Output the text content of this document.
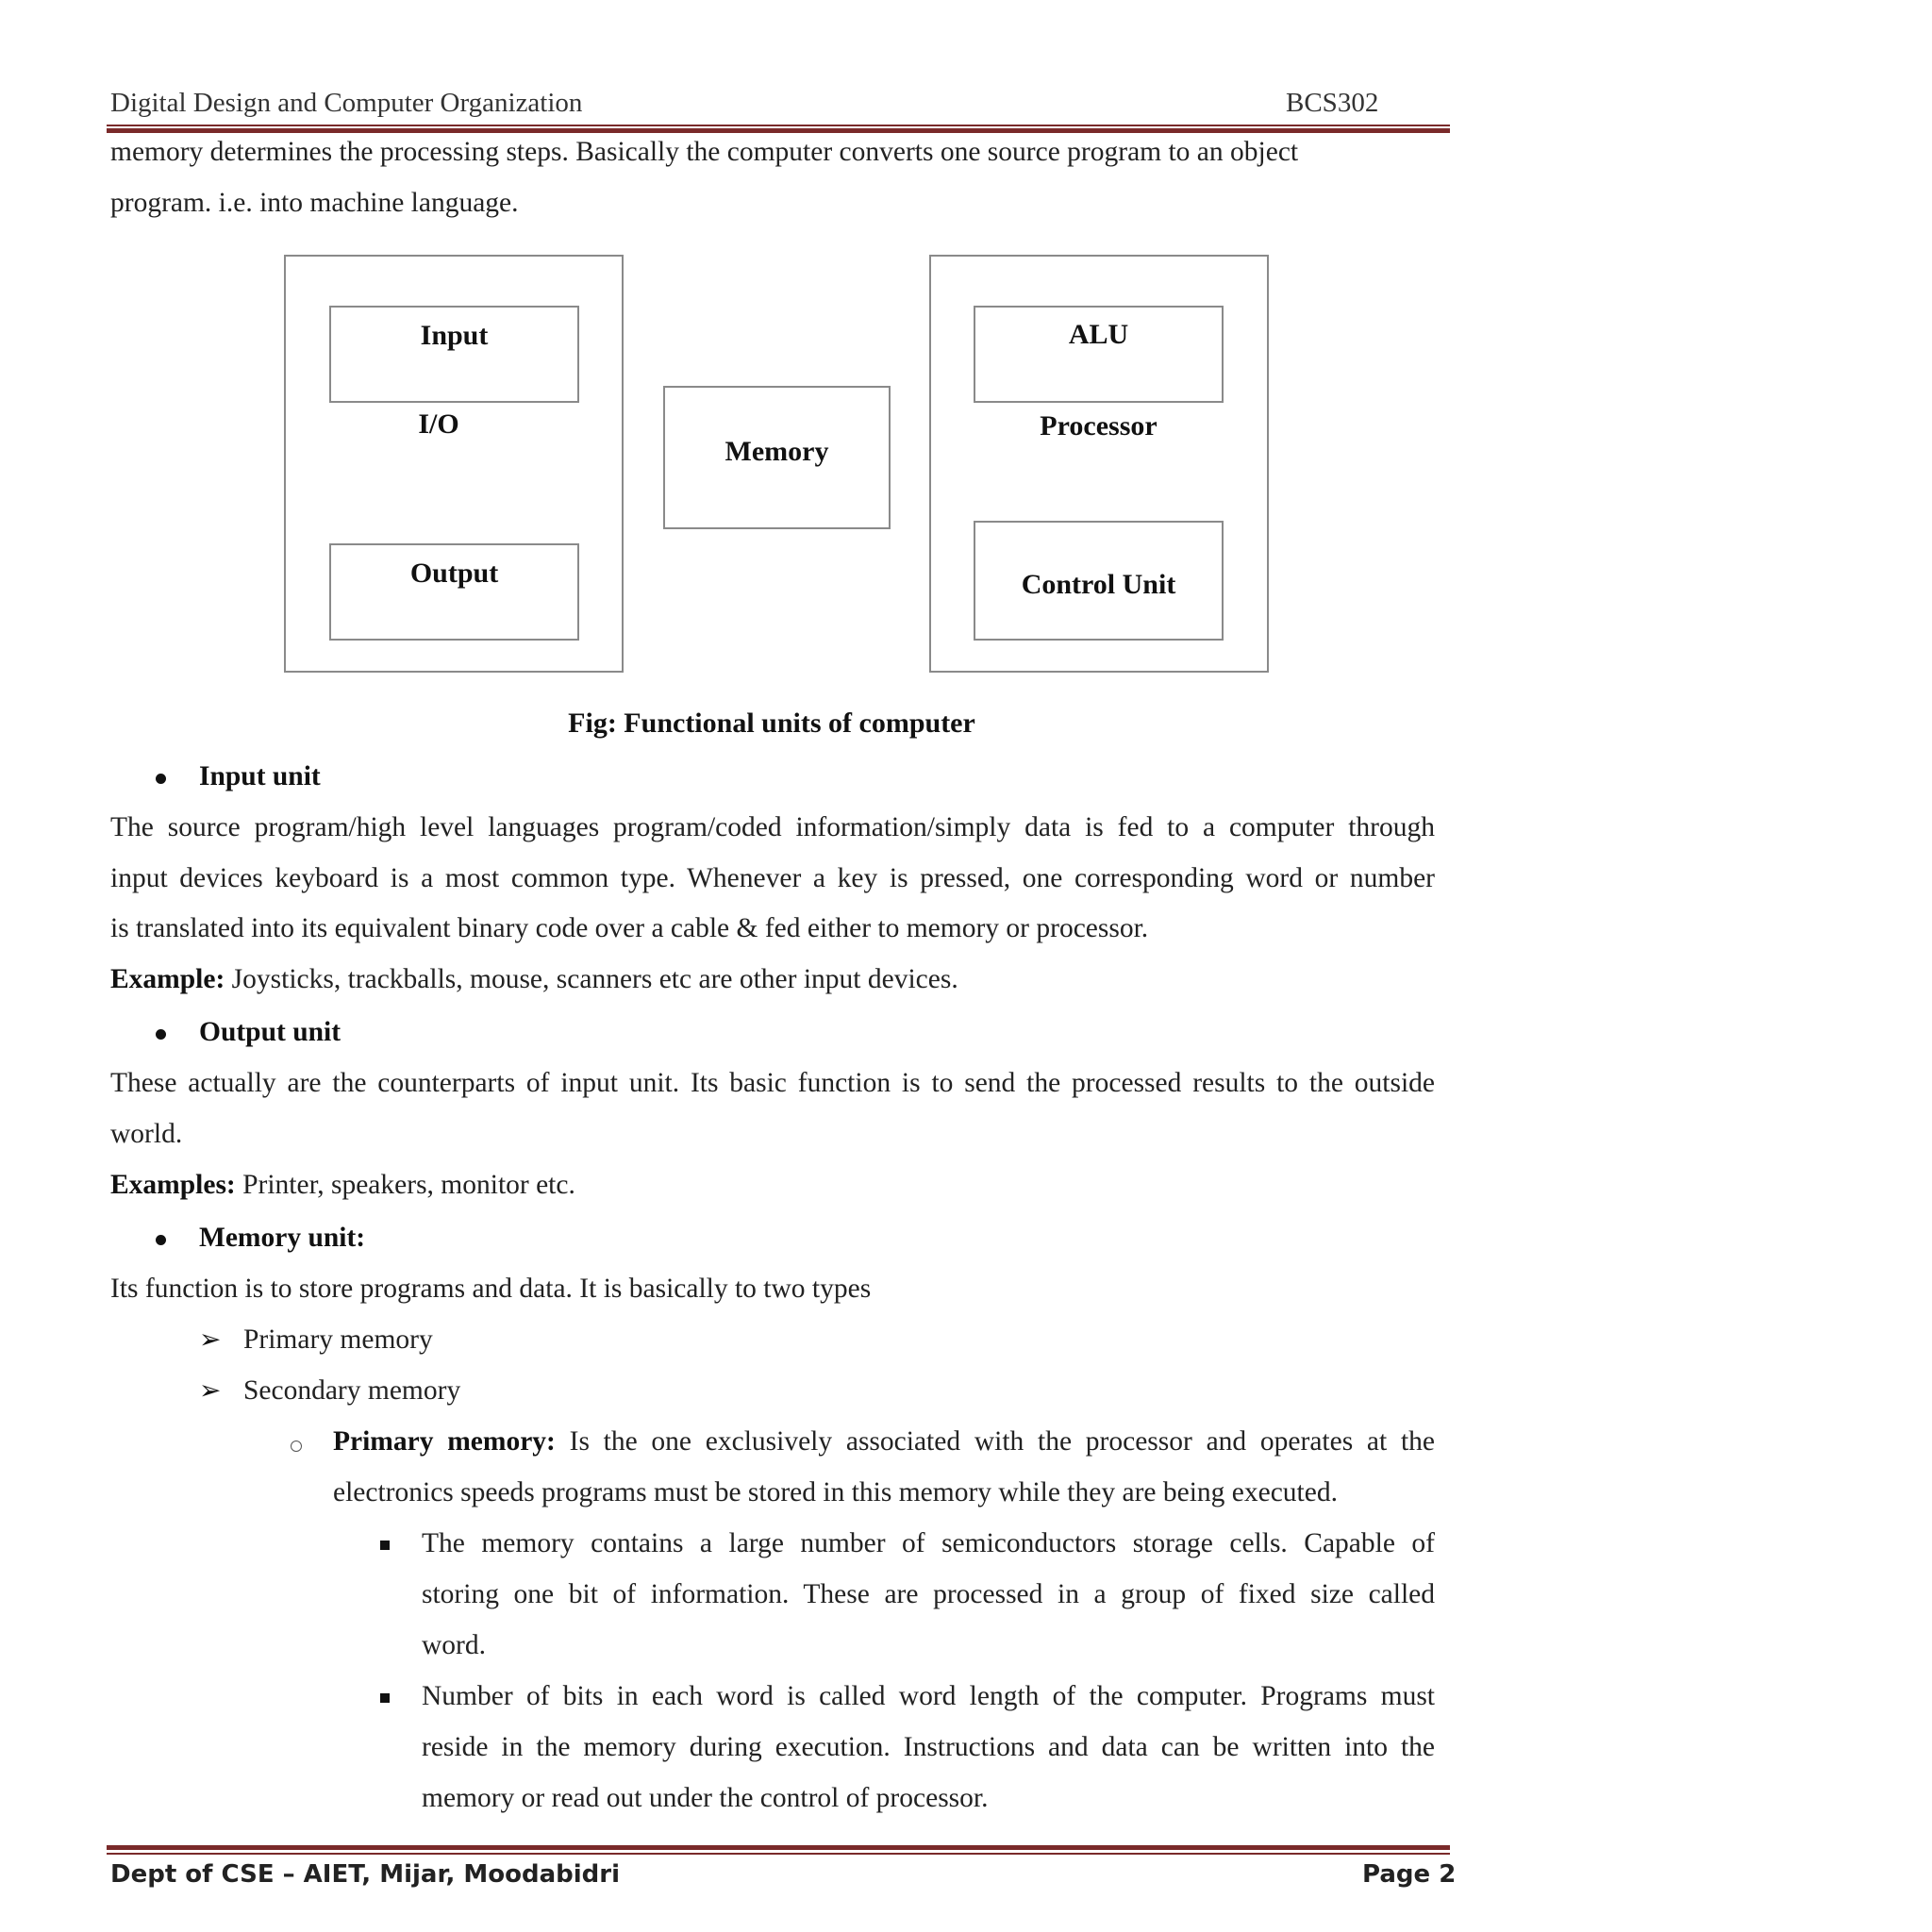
Digital Design and Computer Organization	BCS302
memory determines the processing steps. Basically the computer converts one source program to an object
program. i.e. into machine language.
Input
I/O
Output
Memory
ALU
Processor
Control Unit
Fig: Functional units of computer
Input unit
The source program/high level languages program/coded information/simply data is fed to a computer through
input devices keyboard is a most common type. Whenever a key is pressed, one corresponding word or number
is translated into its equivalent binary code over a cable & fed either to memory or processor.
Example: Joysticks, trackballs, mouse, scanners etc are other input devices.
Output unit
These actually are the counterparts of input unit. Its basic function is to send the processed results to the outside
world.
Examples: Printer, speakers, monitor etc.
Memory unit:
Its function is to store programs and data. It is basically to two types
➢ Primary memory
➢ Secondary memory
Primary memory: Is the one exclusively associated with the processor and operates at the
electronics speeds programs must be stored in this memory while they are being executed.
The memory contains a large number of semiconductors storage cells. Capable of
storing one bit of information. These are processed in a group of fixed size called
word.
Number of bits in each word is called word length of the computer. Programs must
reside in the memory during execution. Instructions and data can be written into the
memory or read out under the control of processor.
Dept of CSE – AIET, Mijar, Moodabidri	Page 2
